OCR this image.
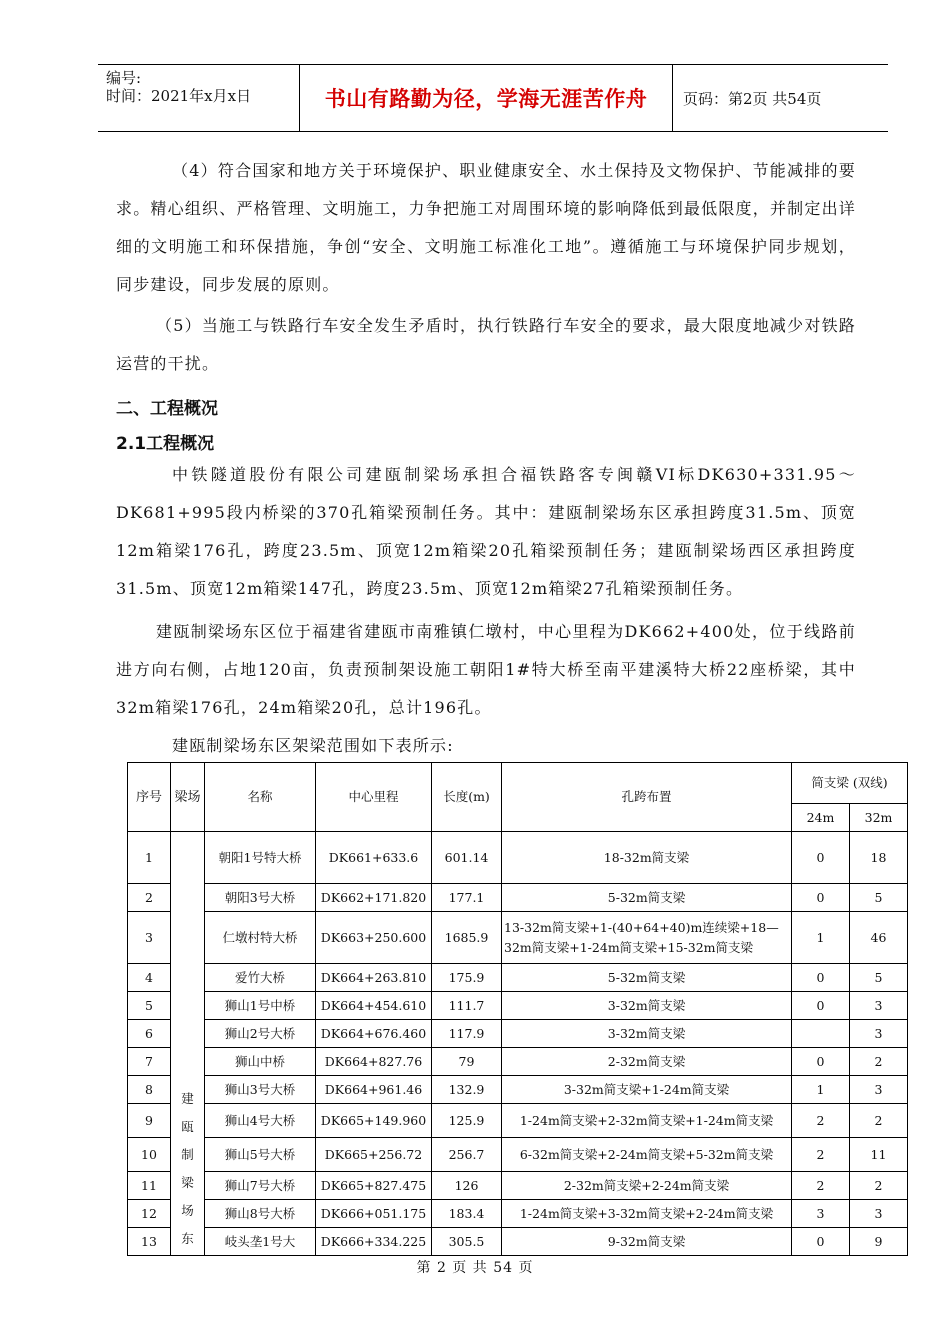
编号:
时间：2021年x月x日	书山有路勤为径，学海无涯苦作舟	页码：第2页 共54页

（4）符合国家和地方关于环境保护、职业健康安全、水土保持及文物保护、节能减排的要求。精心组织、严格管理、文明施工，力争把施工对周围环境的影响降低到最低限度，并制定出详细的文明施工和环保措施，争创“安全、文明施工标准化工地”。遵循施工与环境保护同步规划，同步建设，同步发展的原则。

（5）当施工与铁路行车安全发生矛盾时，执行铁路行车安全的要求，最大限度地减少对铁路运营的干扰。

二、工程概况
2.1工程概况

中铁隧道股份有限公司建瓯制梁场承担合福铁路客专闽赣VI标DK630+331.95～DK681+995段内桥梁的370孔箱梁预制任务。其中：建瓯制梁场东区承担跨度31.5m、顶宽12m箱梁176孔，跨度23.5m、顶宽12m箱梁20孔箱梁预制任务；建瓯制梁场西区承担跨度31.5m、顶宽12m箱梁147孔，跨度23.5m、顶宽12m箱梁27孔箱梁预制任务。

建瓯制梁场东区位于福建省建瓯市南雅镇仁墩村，中心里程为DK662+400处，位于线路前进方向右侧，占地120亩，负责预制架设施工朝阳1#特大桥至南平建溪特大桥22座桥梁，其中32m箱梁176孔，24m箱梁20孔，总计196孔。

建瓯制梁场东区架梁范围如下表所示:

序号	梁场	名称	中心里程	长度(m)	孔跨布置	简支梁 (双线)	
						24m	32m
1	建瓯制梁场东	朝阳1号特大桥	DK661+633.6	601.14	18-32m简支梁	0	18
2		朝阳3号大桥	DK662+171.820	177.1	5-32m简支梁	0	5
3		仁墩村特大桥	DK663+250.600	1685.9	13-32m简支梁+1-(40+64+40)m连续梁+18—32m简支梁+1-24m简支梁+15-32m简支梁	1	46
4		爱竹大桥	DK664+263.810	175.9	5-32m简支梁	0	5
5		狮山1号中桥	DK664+454.610	111.7	3-32m简支梁	0	3
6		狮山2号大桥	DK664+676.460	117.9	3-32m简支梁		3
7		狮山中桥	DK664+827.76	79	2-32m简支梁	0	2
8		狮山3号大桥	DK664+961.46	132.9	3-32m简支梁+1-24m简支梁	1	3
9		狮山4号大桥	DK665+149.960	125.9	1-24m简支梁+2-32m简支梁+1-24m简支梁	2	2
10		狮山5号大桥	DK665+256.72	256.7	6-32m简支梁+2-24m简支梁+5-32m简支梁	2	11
11		狮山7号大桥	DK665+827.475	126	2-32m简支梁+2-24m简支梁	2	2
12		狮山8号大桥	DK666+051.175	183.4	1-24m简支梁+3-32m简支梁+2-24m简支梁	3	3
13		岐头垄1号大	DK666+334.225	305.5	9-32m简支梁	0	9
第 2 页 共 54 页
